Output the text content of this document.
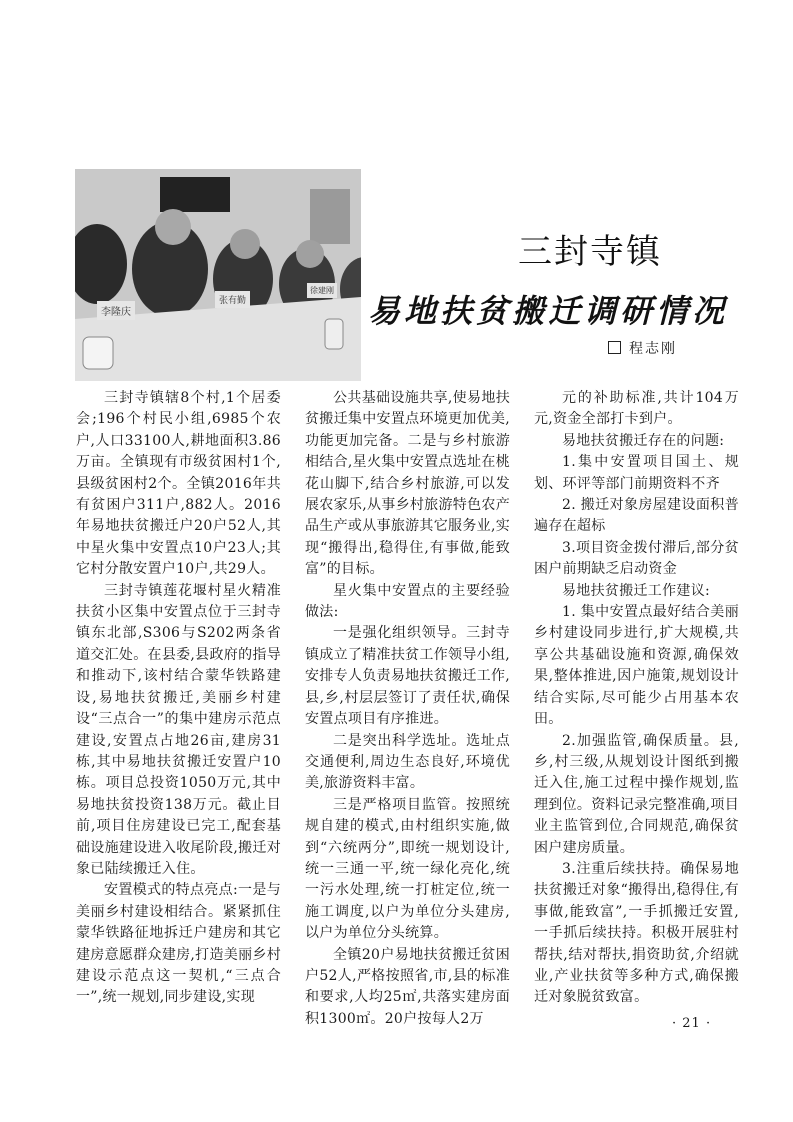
李隆庆
张有勤
徐建刚
三封寺镇
易地扶贫搬迁调研情况
程志刚

三封寺镇辖8个村,1个居委会;196个村民小组,6985个农户,人口33100人,耕地面积3.86万亩。全镇现有市级贫困村1个,县级贫困村2个。全镇2016年共有贫困户311户,882人。2016年易地扶贫搬迁户20户52人,其中星火集中安置点10户23人;其它村分散安置户10户,共29人。

三封寺镇莲花堰村星火精准扶贫小区集中安置点位于三封寺镇东北部,S306与S202两条省道交汇处。在县委,县政府的指导和推动下,该村结合蒙华铁路建设,易地扶贫搬迁,美丽乡村建设“三点合一”的集中建房示范点建设,安置点占地26亩,建房31栋,其中易地扶贫搬迁安置户10栋。项目总投资1050万元,其中易地扶贫投资138万元。截止目前,项目住房建设已完工,配套基础设施建设进入收尾阶段,搬迁对象已陆续搬迁入住。

安置模式的特点亮点:一是与美丽乡村建设相结合。紧紧抓住蒙华铁路征地拆迁户建房和其它建房意愿群众建房,打造美丽乡村建设示范点这一契机,“三点合一”,统一规划,同步建设,实现

公共基础设施共享,使易地扶贫搬迁集中安置点环境更加优美,功能更加完备。二是与乡村旅游相结合,星火集中安置点选址在桃花山脚下,结合乡村旅游,可以发展农家乐,从事乡村旅游特色农产品生产或从事旅游其它服务业,实现“搬得出,稳得住,有事做,能致富”的目标。

星火集中安置点的主要经验做法:

一是强化组织领导。三封寺镇成立了精准扶贫工作领导小组,安排专人负责易地扶贫搬迁工作,县,乡,村层层签订了责任状,确保安置点项目有序推进。

二是突出科学选址。选址点交通便利,周边生态良好,环境优美,旅游资料丰富。

三是严格项目监管。按照统规自建的模式,由村组织实施,做到“六统两分”,即统一规划设计,统一三通一平,统一绿化亮化,统一污水处理,统一打桩定位,统一施工调度,以户为单位分头建房,以户为单位分头统算。

全镇20户易地扶贫搬迁贫困户52人,严格按照省,市,县的标准和要求,人均25㎡,共落实建房面积1300㎡。20户按每人2万

元的补助标准,共计104万元,资金全部打卡到户。

易地扶贫搬迁存在的问题:

1.集中安置项目国土、规划、环评等部门前期资料不齐

2. 搬迁对象房屋建设面积普遍存在超标

3.项目资金拨付滞后,部分贫困户前期缺乏启动资金

易地扶贫搬迁工作建议:

1. 集中安置点最好结合美丽乡村建设同步进行,扩大规模,共享公共基础设施和资源,确保效果,整体推进,因户施策,规划设计结合实际,尽可能少占用基本农田。

2.加强监管,确保质量。县,乡,村三级,从规划设计图纸到搬迁入住,施工过程中操作规划,监理到位。资料记录完整准确,项目业主监管到位,合同规范,确保贫困户建房质量。

3.注重后续扶持。确保易地扶贫搬迁对象“搬得出,稳得住,有事做,能致富”,一手抓搬迁安置,一手抓后续扶持。积极开展驻村帮扶,结对帮扶,捐资助贫,介绍就业,产业扶贫等多种方式,确保搬迁对象脱贫致富。

· 21 ·
